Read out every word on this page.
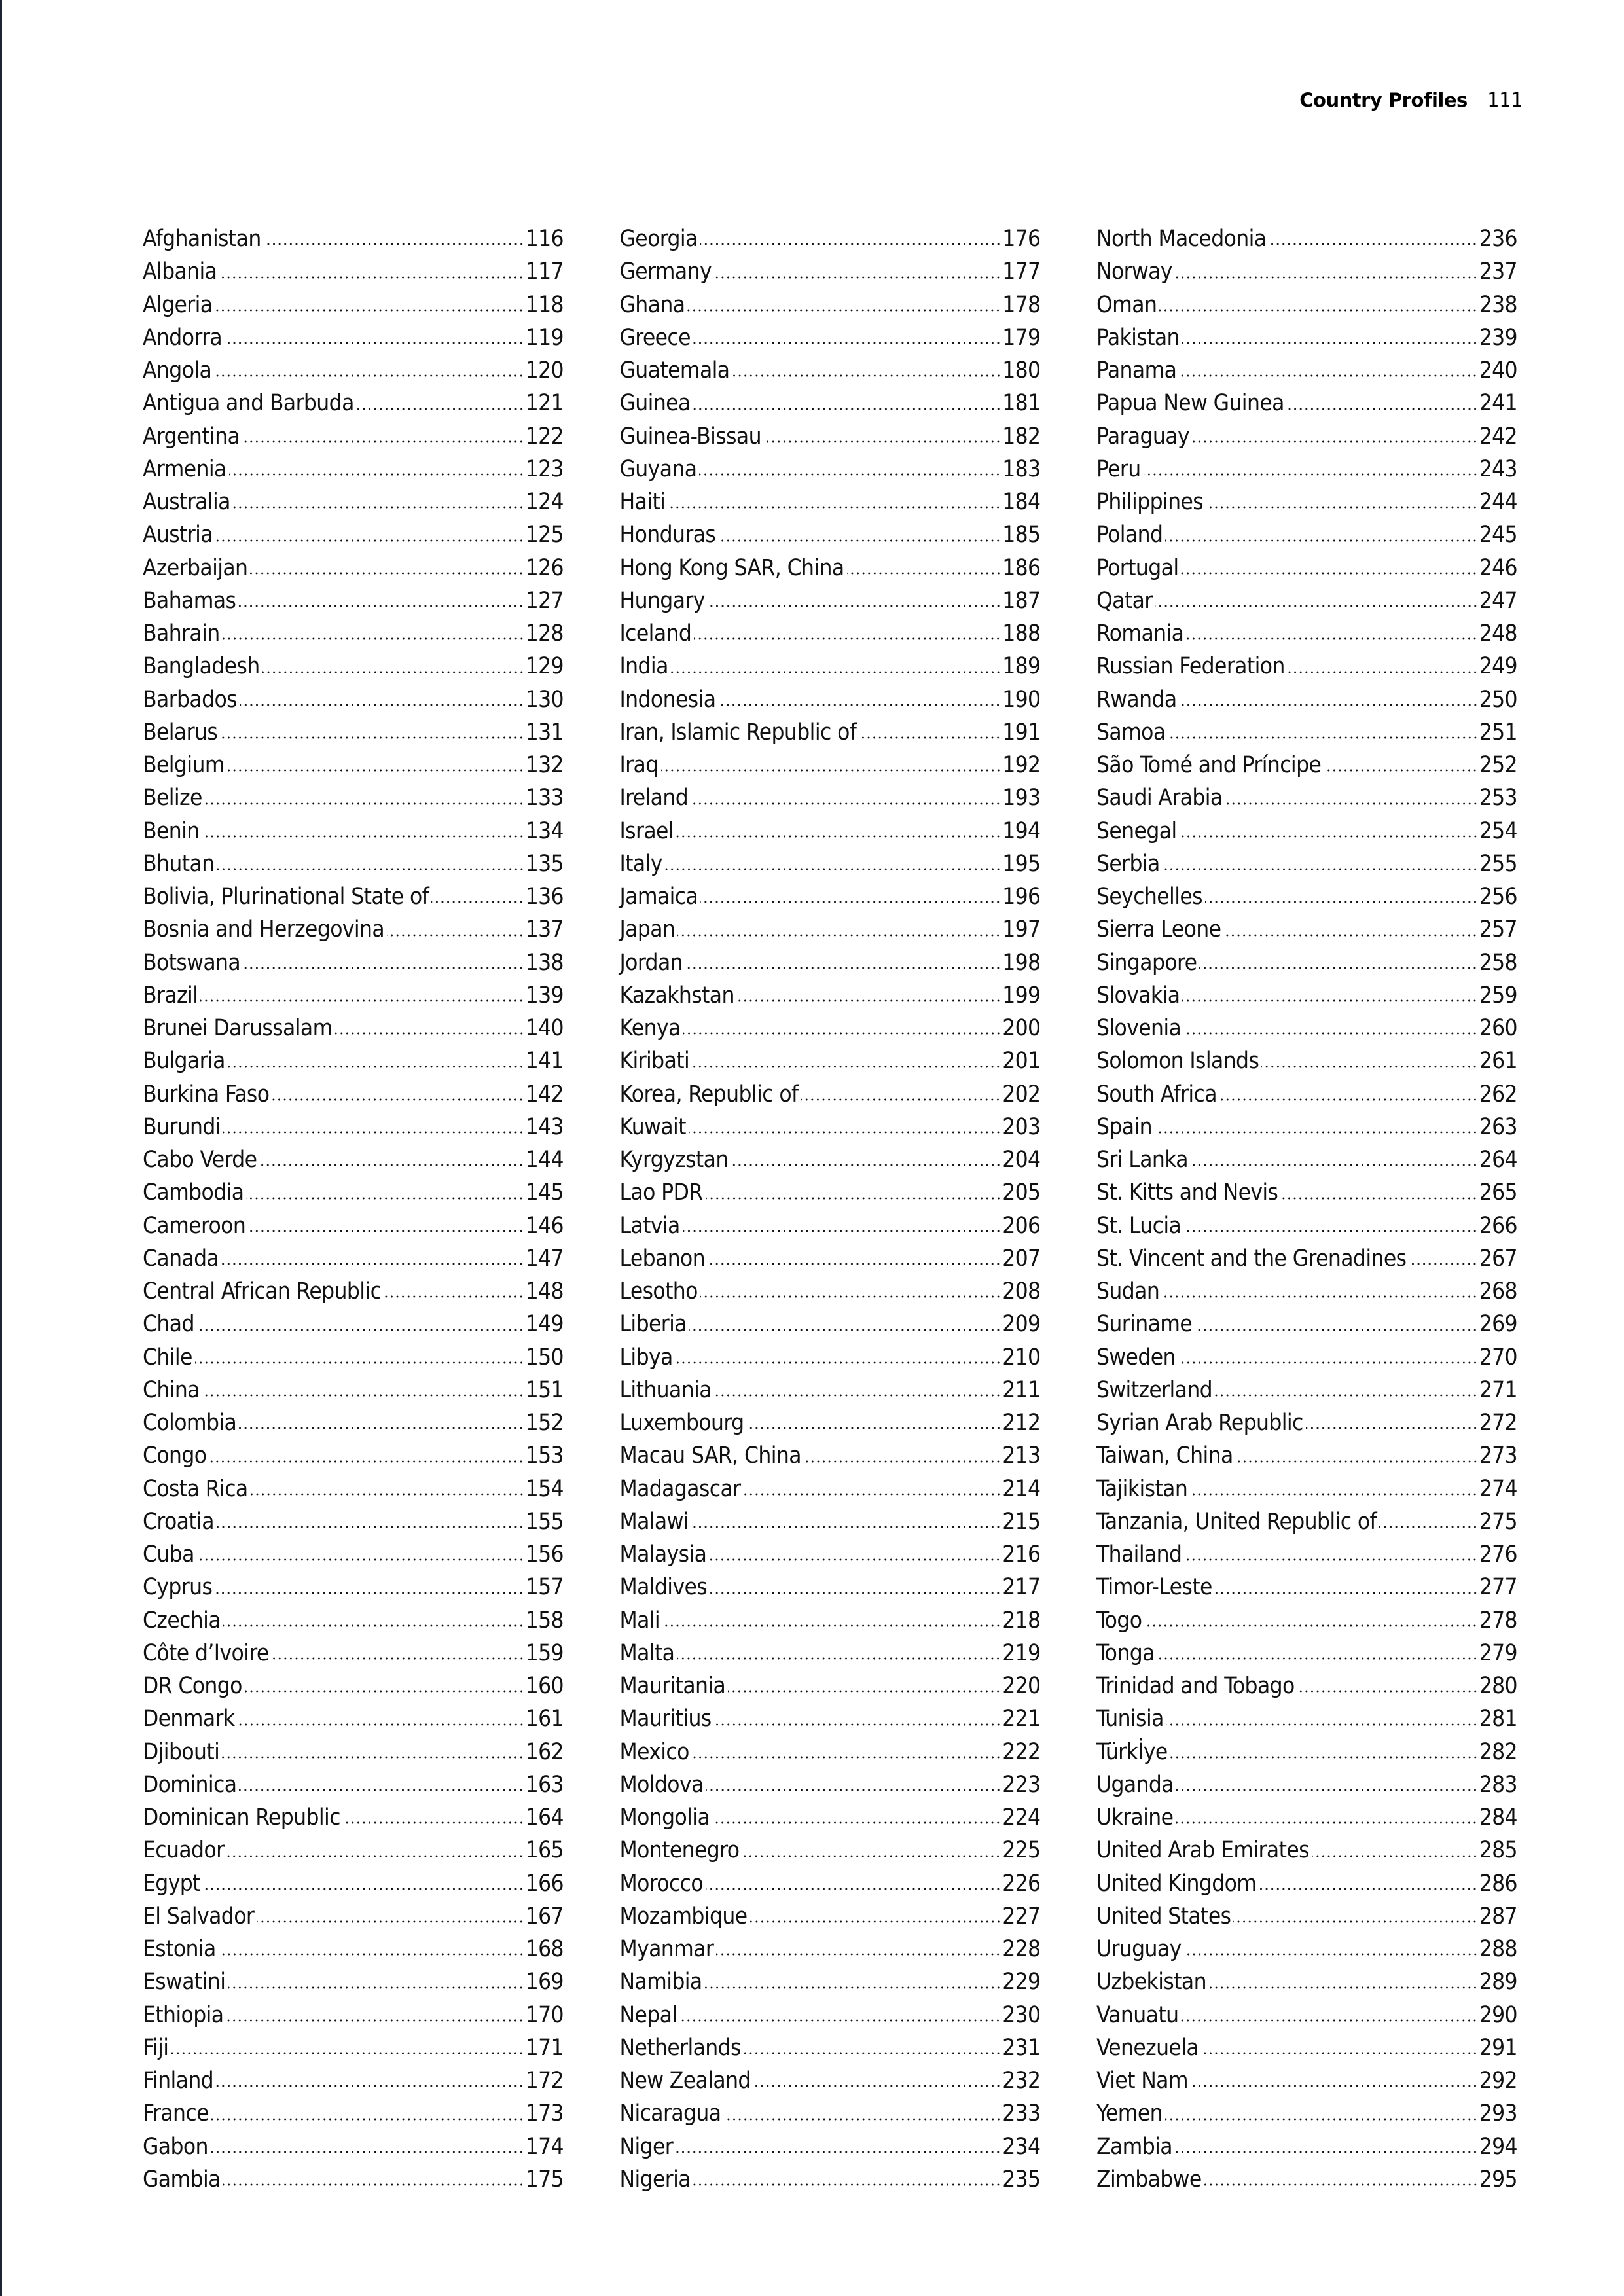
Country Profiles 111
Afghanistan	116
Albania	117
Algeria	118
Andorra	119
Angola	120
Antigua and Barbuda	121
Argentina	122
Armenia	123
Australia	124
Austria	125
Azerbaijan	126
Bahamas	127
Bahrain	128
Bangladesh	129
Barbados	130
Belarus	131
Belgium	132
Belize	133
Benin	134
Bhutan	135
Bolivia, Plurinational State of	136
Bosnia and Herzegovina	137
Botswana	138
Brazil	139
Brunei Darussalam	140
Bulgaria	141
Burkina Faso	142
Burundi	143
Cabo Verde	144
Cambodia	145
Cameroon	146
Canada	147
Central African Republic	148
Chad	149
Chile	150
China	151
Colombia	152
Congo	153
Costa Rica	154
Croatia	155
Cuba	156
Cyprus	157
Czechia	158
Côte d’Ivoire	159
DR Congo	160
Denmark	161
Djibouti	162
Dominica	163
Dominican Republic	164
Ecuador	165
Egypt	166
El Salvador	167
Estonia	168
Eswatini	169
Ethiopia	170
Fiji	171
Finland	172
France	173
Gabon	174
Gambia	175
Georgia	176
Germany	177
Ghana	178
Greece	179
Guatemala	180
Guinea	181
Guinea-Bissau	182
Guyana	183
Haiti	184
Honduras	185
Hong Kong SAR, China	186
Hungary	187
Iceland	188
India	189
Indonesia	190
Iran, Islamic Republic of	191
Iraq	192
Ireland	193
Israel	194
Italy	195
Jamaica	196
Japan	197
Jordan	198
Kazakhstan	199
Kenya	200
Kiribati	201
Korea, Republic of	202
Kuwait	203
Kyrgyzstan	204
Lao PDR	205
Latvia	206
Lebanon	207
Lesotho	208
Liberia	209
Libya	210
Lithuania	211
Luxembourg	212
Macau SAR, China	213
Madagascar	214
Malawi	215
Malaysia	216
Maldives	217
Mali	218
Malta	219
Mauritania	220
Mauritius	221
Mexico	222
Moldova	223
Mongolia	224
Montenegro	225
Morocco	226
Mozambique	227
Myanmar	228
Namibia	229
Nepal	230
Netherlands	231
New Zealand	232
Nicaragua	233
Niger	234
Nigeria	235
North Macedonia	236
Norway	237
Oman	238
Pakistan	239
Panama	240
Papua New Guinea	241
Paraguay	242
Peru	243
Philippines	244
Poland	245
Portugal	246
Qatar	247
Romania	248
Russian Federation	249
Rwanda	250
Samoa	251
São Tomé and Príncipe	252
Saudi Arabia	253
Senegal	254
Serbia	255
Seychelles	256
Sierra Leone	257
Singapore	258
Slovakia	259
Slovenia	260
Solomon Islands	261
South Africa	262
Spain	263
Sri Lanka	264
St. Kitts and Nevis	265
St. Lucia	266
St. Vincent and the Grenadines	267
Sudan	268
Suriname	269
Sweden	270
Switzerland	271
Syrian Arab Republic	272
Taiwan, China	273
Tajikistan	274
Tanzania, United Republic of	275
Thailand	276
Timor-Leste	277
Togo	278
Tonga	279
Trinidad and Tobago	280
Tunisia	281
Türkİye	282
Uganda	283
Ukraine	284
United Arab Emirates	285
United Kingdom	286
United States	287
Uruguay	288
Uzbekistan	289
Vanuatu	290
Venezuela	291
Viet Nam	292
Yemen	293
Zambia	294
Zimbabwe	295
